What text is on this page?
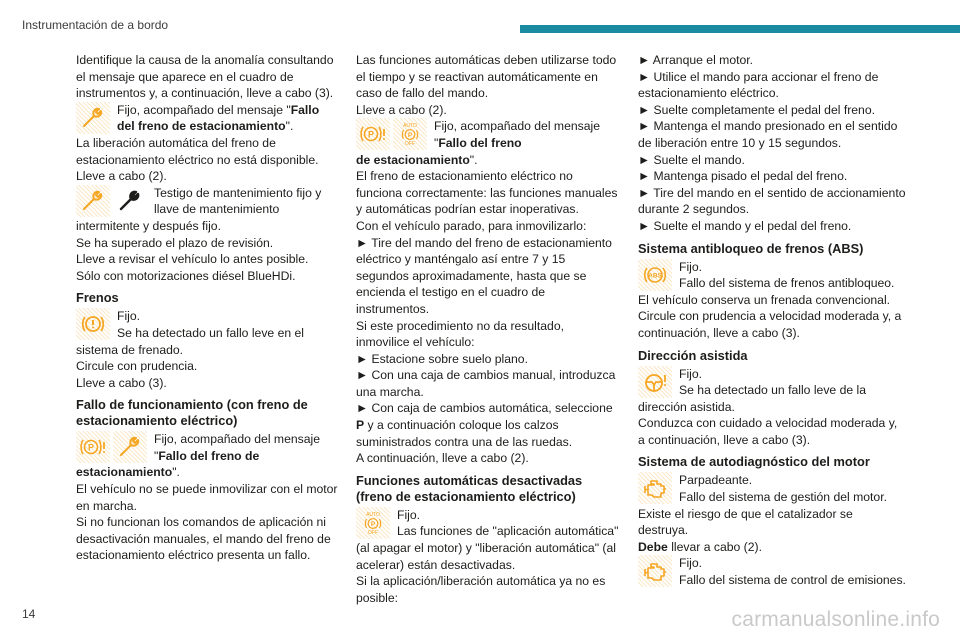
Instrumentación de a bordo

Identifique la causa de la anomalía consultando el mensaje que aparece en el cuadro de instrumentos y, a continuación, lleve a cabo (3).

Fijo, acompañado del mensaje "Fallo del freno de estacionamiento".

La liberación automática del freno de estacionamiento eléctrico no está disponible.

Lleve a cabo (2).

Testigo de mantenimiento fijo y llave de mantenimiento

intermitente y después fijo.

Se ha superado el plazo de revisión.

Lleve a revisar el vehículo lo antes posible.

Sólo con motorizaciones diésel BlueHDi.

Frenos
Fijo.
Se ha detectado un fallo leve en el

sistema de frenado.

Circule con prudencia.

Lleve a cabo (3).

Fallo de funcionamiento (con freno de estacionamiento eléctrico)
P
Fijo, acompañado del mensaje "Fallo del freno de

estacionamiento".

El vehículo no se puede inmovilizar con el motor en marcha.

Si no funcionan los comandos de aplicación ni desactivación manuales, el mando del freno de estacionamiento eléctrico presenta un fallo.

Las funciones automáticas deben utilizarse todo el tiempo y se reactivan automáticamente en caso de fallo del mando.

Lleve a cabo (2).

P
AUTO
P
OFF
Fijo, acompañado del mensaje "Fallo del freno

de estacionamiento".

El freno de estacionamiento eléctrico no funciona correctamente: las funciones manuales y automáticas podrían estar inoperativas.

Con el vehículo parado, para inmovilizarlo:

► Tire del mando del freno de estacionamiento eléctrico y manténgalo así entre 7 y 15 segundos aproximadamente, hasta que se encienda el testigo en el cuadro de instrumentos.

Si este procedimiento no da resultado, inmovilice el vehículo:

► Estacione sobre suelo plano.

► Con una caja de cambios manual, introduzca una marcha.

► Con caja de cambios automática, seleccione P y a continuación coloque los calzos suministrados contra una de las ruedas.

A continuación, lleve a cabo (2).

Funciones automáticas desactivadas (freno de estacionamiento eléctrico)
AUTO
P
OFF
Fijo.
Las funciones de "aplicación automática"

(al apagar el motor) y "liberación automática" (al acelerar) están desactivadas.

Si la aplicación/liberación automática ya no es posible:

► Arranque el motor.

► Utilice el mando para accionar el freno de estacionamiento eléctrico.

► Suelte completamente el pedal del freno.

► Mantenga el mando presionado en el sentido de liberación entre 10 y 15 segundos.

► Suelte el mando.

► Mantenga pisado el pedal del freno.

► Tire del mando en el sentido de accionamiento durante 2 segundos.

► Suelte el mando y el pedal del freno.

Sistema antibloqueo de frenos (ABS)
ABS
Fijo.
Fallo del sistema de frenos antibloqueo.

El vehículo conserva un frenada convencional.

Circule con prudencia a velocidad moderada y, a continuación, lleve a cabo (3).

Dirección asistida
Fijo.
Se ha detectado un fallo leve de la

dirección asistida.

Conduzca con cuidado a velocidad moderada y, a continuación, lleve a cabo (3).

Sistema de autodiagnóstico del motor
Parpadeante.
Fallo del sistema de gestión del motor.

Existe el riesgo de que el catalizador se destruya.

Debe llevar a cabo (2).

Fijo.
Fallo del sistema de control de emisiones.
14	carmanualsonline.info
